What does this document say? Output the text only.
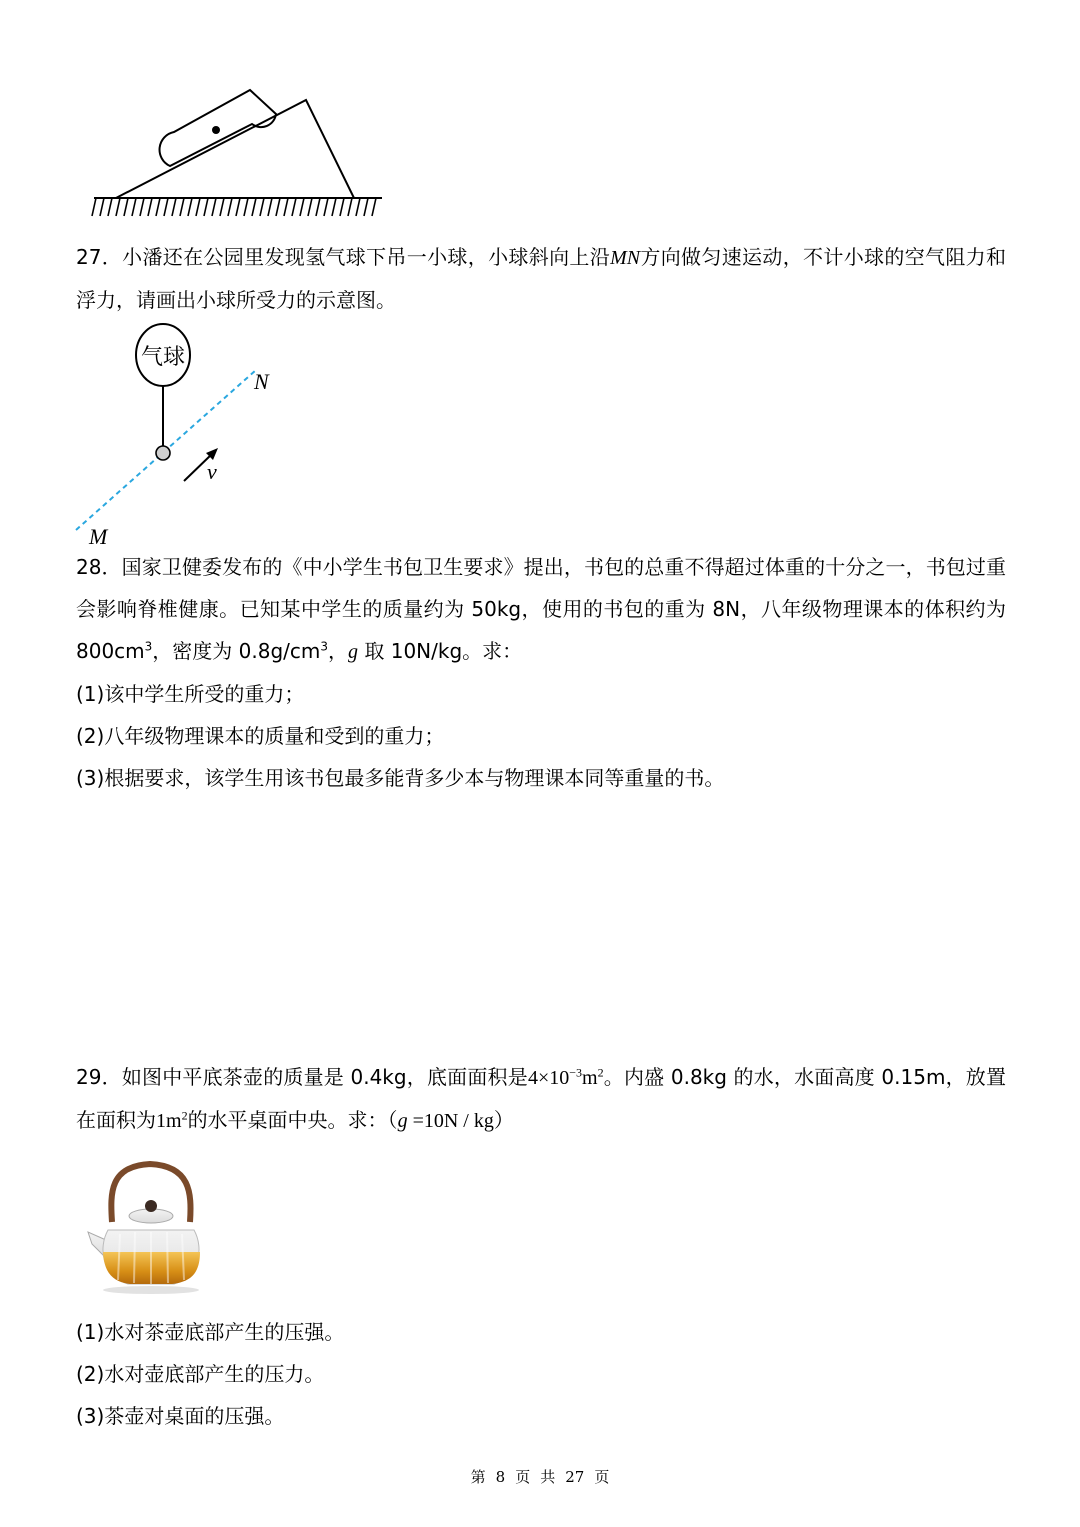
27．小潘还在公园里发现氢气球下吊一小球，小球斜向上沿MN方向做匀速运动，不计小球的空气阻力和浮力，请画出小球所受力的示意图。

气球
v
N
M

28．国家卫健委发布的《中小学生书包卫生要求》提出，书包的总重不得超过体重的十分之一，书包过重会影响脊椎健康。已知某中学生的质量约为 50kg，使用的书包的重为 8N，八年级物理课本的体积约为 $800cm^3$，密度为 $0.8g/cm^3$，g 取 10N/kg。求：

(1)该中学生所受的重力；
(2)八年级物理课本的质量和受到的重力；
(3)根据要求，该学生用该书包最多能背多少本与物理课本同等重量的书。

29．如图中平底茶壶的质量是 0.4kg，底面面积是$4\times 10^{-3}m^2$。内盛 0.8kg 的水，水面高度 0.15m，放置在面积为$1m^2$的水平桌面中央。求：（g =10N / kg）

(1)水对茶壶底部产生的压强。
(2)水对壶底部产生的压力。
(3)茶壶对桌面的压强。
第 8 页 共 27 页
